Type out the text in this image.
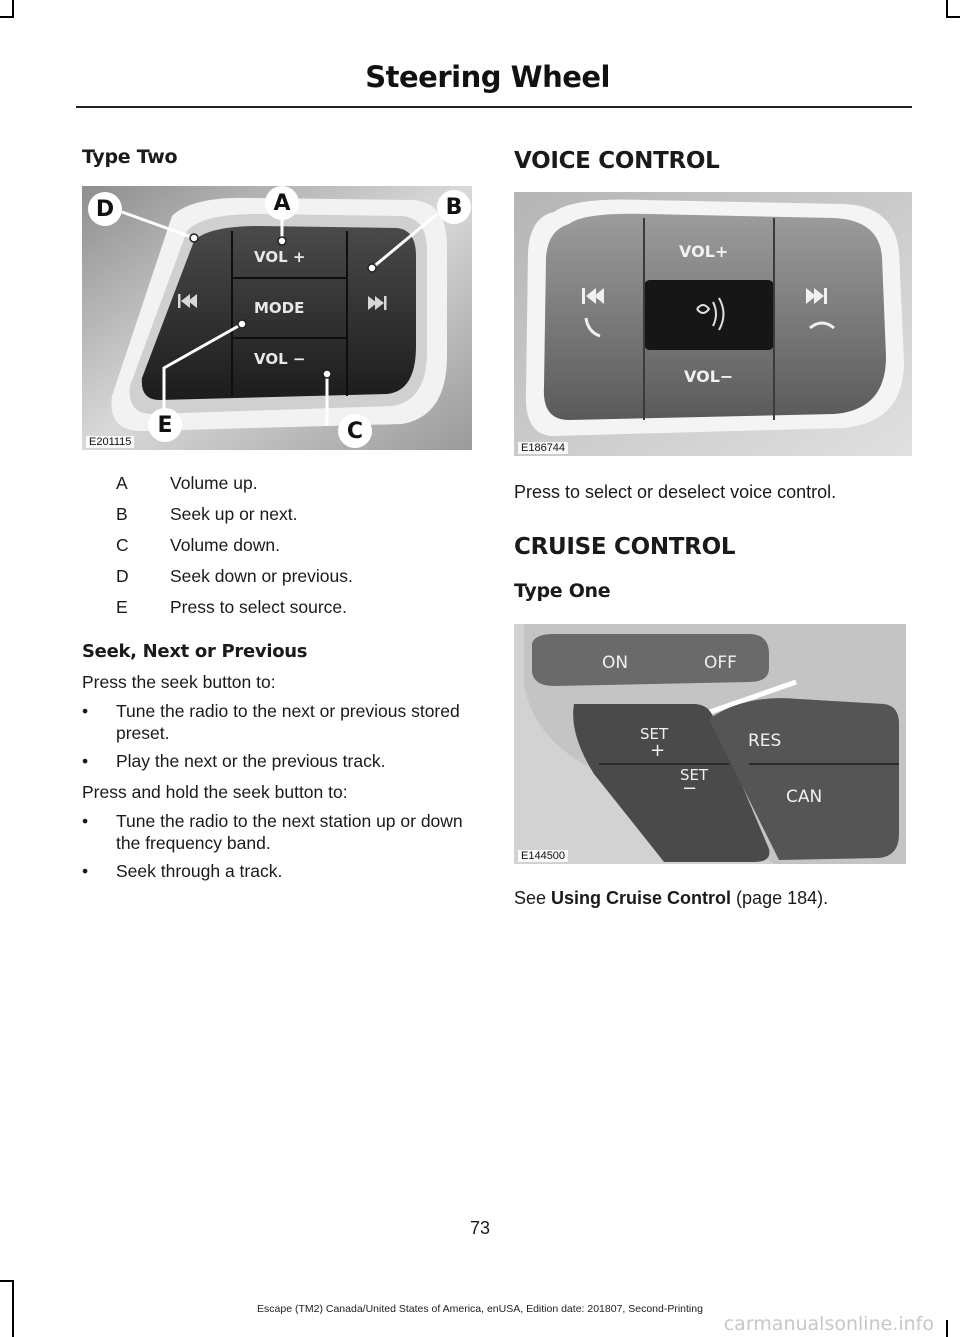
Steering Wheel
Type Two
VOL +
MODE
VOL −
D	A	B
E	C
E201115
A	Volume up.
B	Seek up or next.
C	Volume down.
D	Seek down or previous.
E	Press to select source.
Seek, Next or Previous

Press the seek button to:

• Tune the radio to the next or previous stored preset.
• Play the next or the previous track.

Press and hold the seek button to:

• Tune the radio to the next station up or down the frequency band.
• Seek through a track.
VOICE CONTROL
VOL+
VOL−
E186744

Press to select or deselect voice control.

CRUISE CONTROL
Type One
ON	OFF
SET
+	RES
SET
−	CAN
E144500

See Using Cruise Control (page 184).

73
Escape (TM2) Canada/United States of America, enUSA, Edition date: 201807, Second-Printing
carmanualsonline.info
